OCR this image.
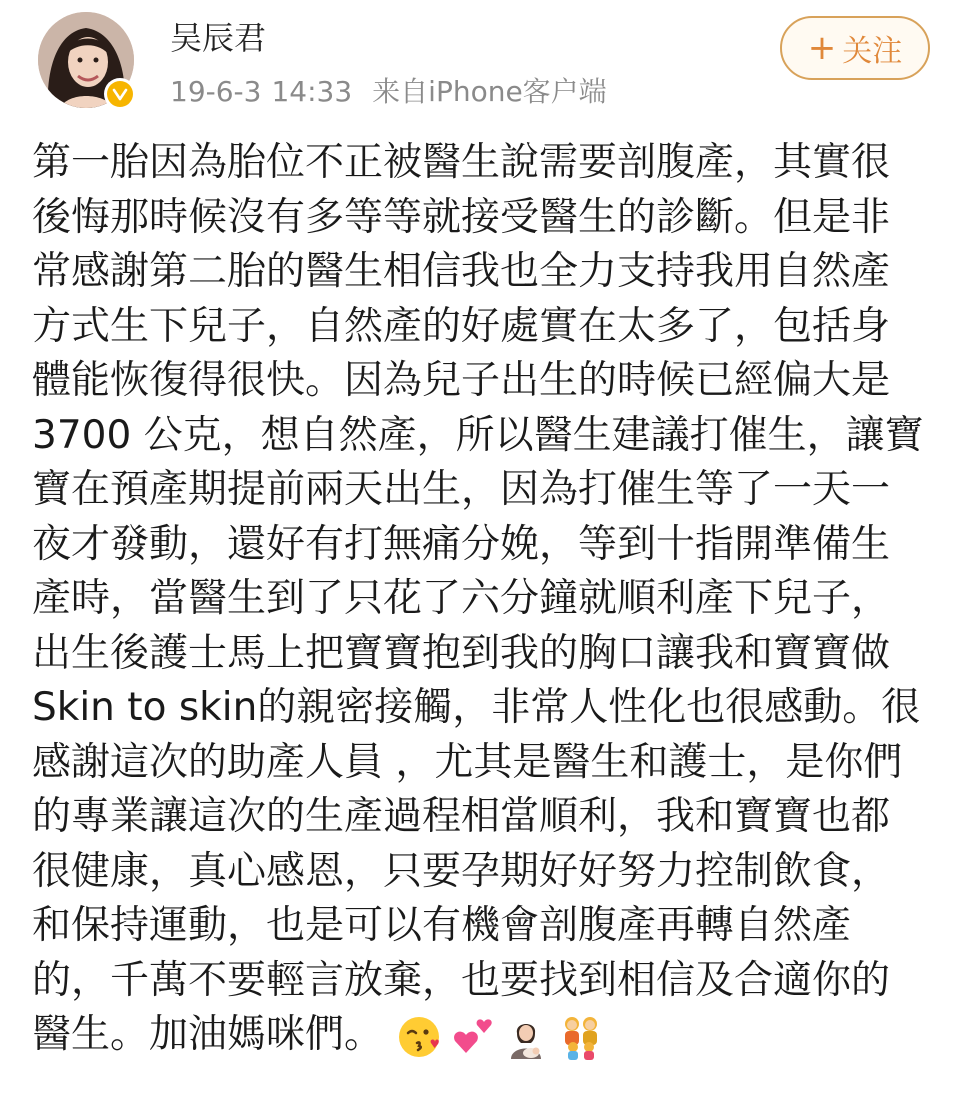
吴辰君
19-6-3 14:33 来自iPhone客户端
+ 关注
第一胎因為胎位不正被醫生說需要剖腹產，其實很
後悔那時候沒有多等等就接受醫生的診斷。但是非
常感謝第二胎的醫生相信我也全力支持我用自然產
方式生下兒子，自然產的好處實在太多了，包括身
體能恢復得很快。因為兒子出生的時候已經偏大是
3700 公克，想自然產，所以醫生建議打催生，讓寶
寶在預產期提前兩天出生，因為打催生等了一天一
夜才發動，還好有打無痛分娩，等到十指開準備生
產時，當醫生到了只花了六分鐘就順利產下兒子，
出生後護士馬上把寶寶抱到我的胸口讓我和寶寶做
Skin to skin的親密接觸，非常人性化也很感動。很
感謝這次的助產人員 ，尤其是醫生和護士，是你們
的專業讓這次的生產過程相當順利，我和寶寶也都
很健康，真心感恩，只要孕期好好努力控制飲食，
和保持運動，也是可以有機會剖腹產再轉自然產
的，千萬不要輕言放棄，也要找到相信及合適你的
醫生。加油媽咪們。
